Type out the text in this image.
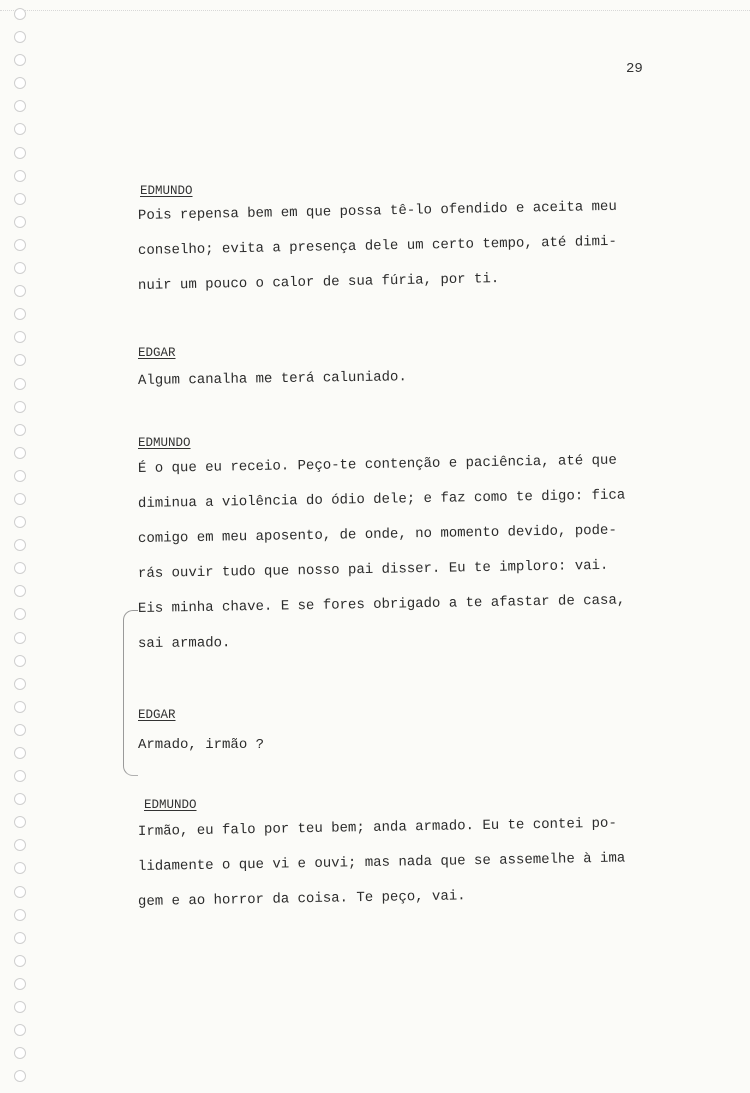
29
EDMUNDO
Pois repensa bem em que possa tê-lo ofendido e aceita meu
conselho; evita a presença dele um certo tempo, até dimi-
nuir um pouco o calor de sua fúria, por ti.
EDGAR
Algum canalha me terá caluniado.
EDMUNDO
É o que eu receio. Peço-te contenção e paciência, até que
diminua a violência do ódio dele; e faz como te digo: fica
comigo em meu aposento, de onde, no momento devido, pode-
rás ouvir tudo que nosso pai disser. Eu te imploro: vai.
Eis minha chave. E se fores obrigado a te afastar de casa,
sai armado.
EDGAR
Armado, irmão ?
EDMUNDO
Irmão, eu falo por teu bem; anda armado. Eu te contei po-
lidamente o que vi e ouvi; mas nada que se assemelhe à ima
gem e ao horror da coisa. Te peço, vai.
